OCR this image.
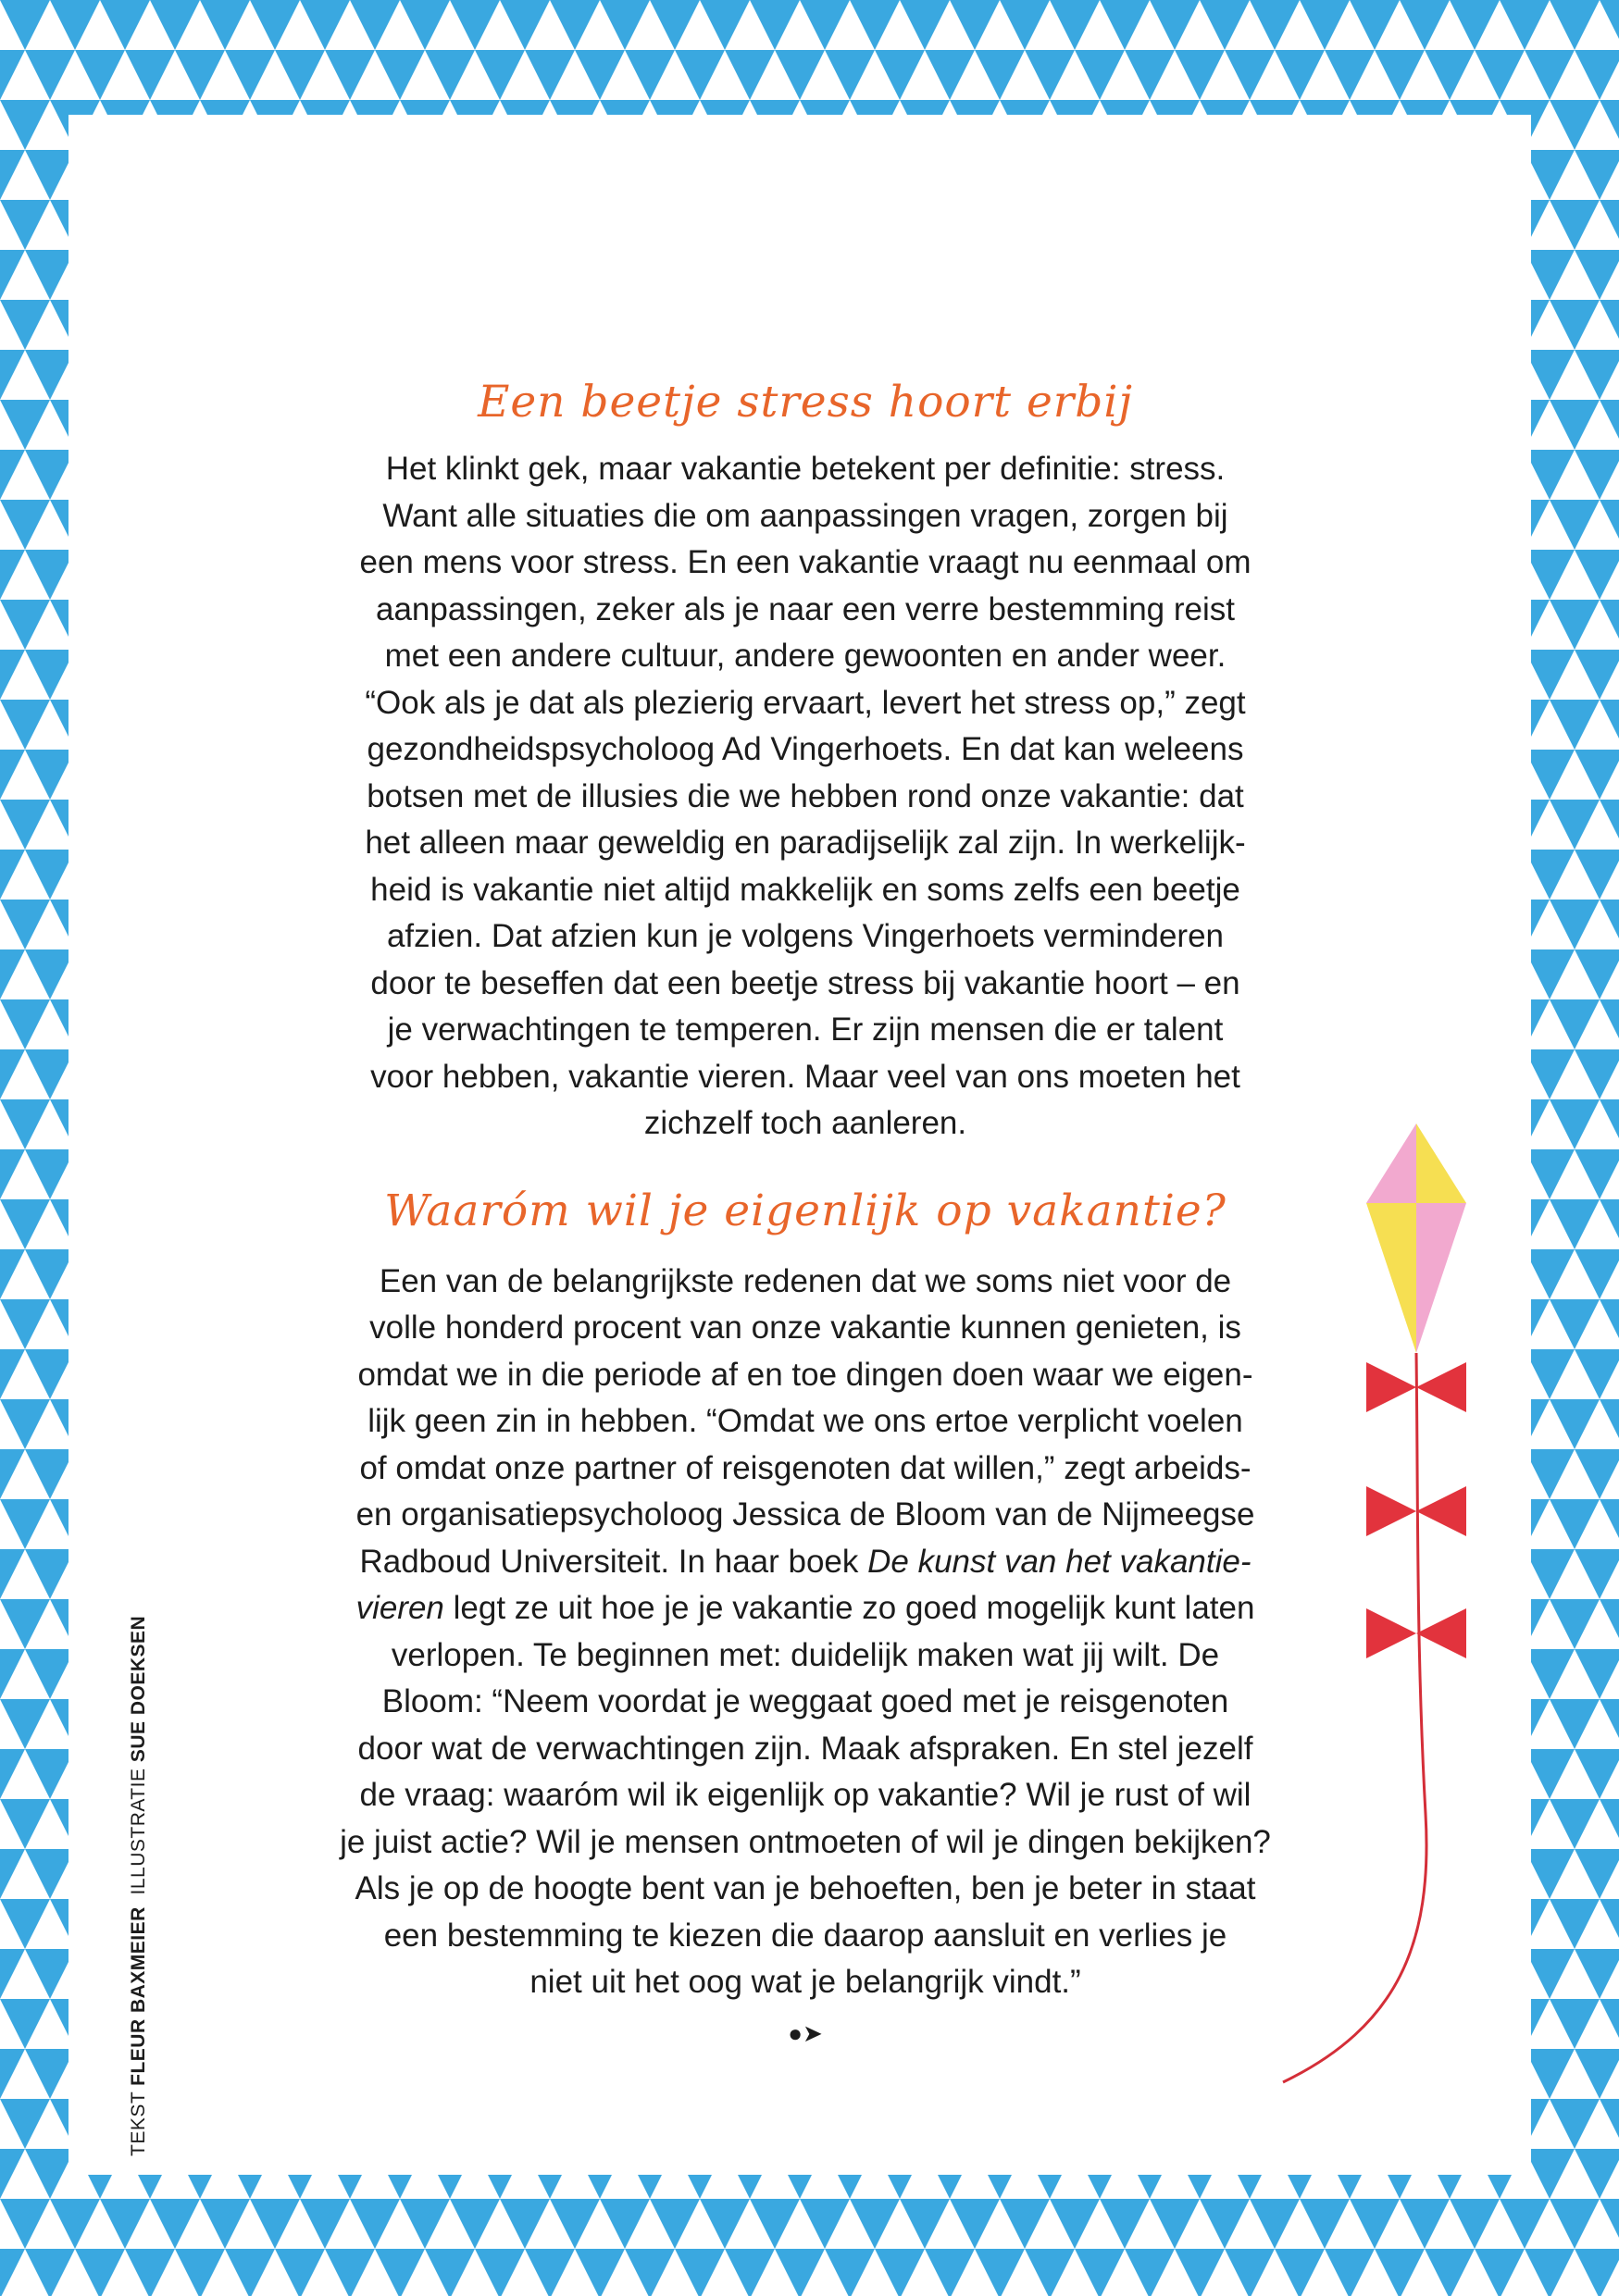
Een beetje stress hoort erbij

Het klinkt gek, maar vakantie betekent per definitie: stress.
Want alle situaties die om aanpassingen vragen, zorgen bij
een mens voor stress. En een vakantie vraagt nu eenmaal om
aanpassingen, zeker als je naar een verre bestemming reist
met een andere cultuur, andere gewoonten en ander weer.
“Ook als je dat als plezierig ervaart, levert het stress op,” zegt
gezondheidspsycholoog Ad Vingerhoets. En dat kan weleens
botsen met de illusies die we hebben rond onze vakantie: dat
het alleen maar geweldig en paradijselijk zal zijn. In werkelijk-
heid is vakantie niet altijd makkelijk en soms zelfs een beetje
afzien. Dat afzien kun je volgens Vingerhoets verminderen
door te beseffen dat een beetje stress bij vakantie hoort – en
je verwachtingen te temperen. Er zijn mensen die er talent
voor hebben, vakantie vieren. Maar veel van ons moeten het
zichzelf toch aanleren.

Waaróm wil je eigenlijk op vakantie?

Een van de belangrijkste redenen dat we soms niet voor de
volle honderd procent van onze vakantie kunnen genieten, is
omdat we in die periode af en toe dingen doen waar we eigen-
lijk geen zin in hebben. “Omdat we ons ertoe verplicht voelen
of omdat onze partner of reisgenoten dat willen,” zegt arbeids-
en organisatiepsycholoog Jessica de Bloom van de Nijmeegse
Radboud Universiteit. In haar boek De kunst van het vakantie-
vieren legt ze uit hoe je je vakantie zo goed mogelijk kunt laten
verlopen. Te beginnen met: duidelijk maken wat jij wilt. De
Bloom: “Neem voordat je weggaat goed met je reisgenoten
door wat de verwachtingen zijn. Maak afspraken. En stel jezelf
de vraag: waaróm wil ik eigenlijk op vakantie? Wil je rust of wil
je juist actie? Wil je mensen ontmoeten of wil je dingen bekijken?
Als je op de hoogte bent van je behoeften, ben je beter in staat
een bestemming te kiezen die daarop aansluit en verlies je
niet uit het oog wat je belangrijk vindt.”

●➤
TEKST FLEUR BAXMEIER  ILLUSTRATIE SUE DOEKSEN
